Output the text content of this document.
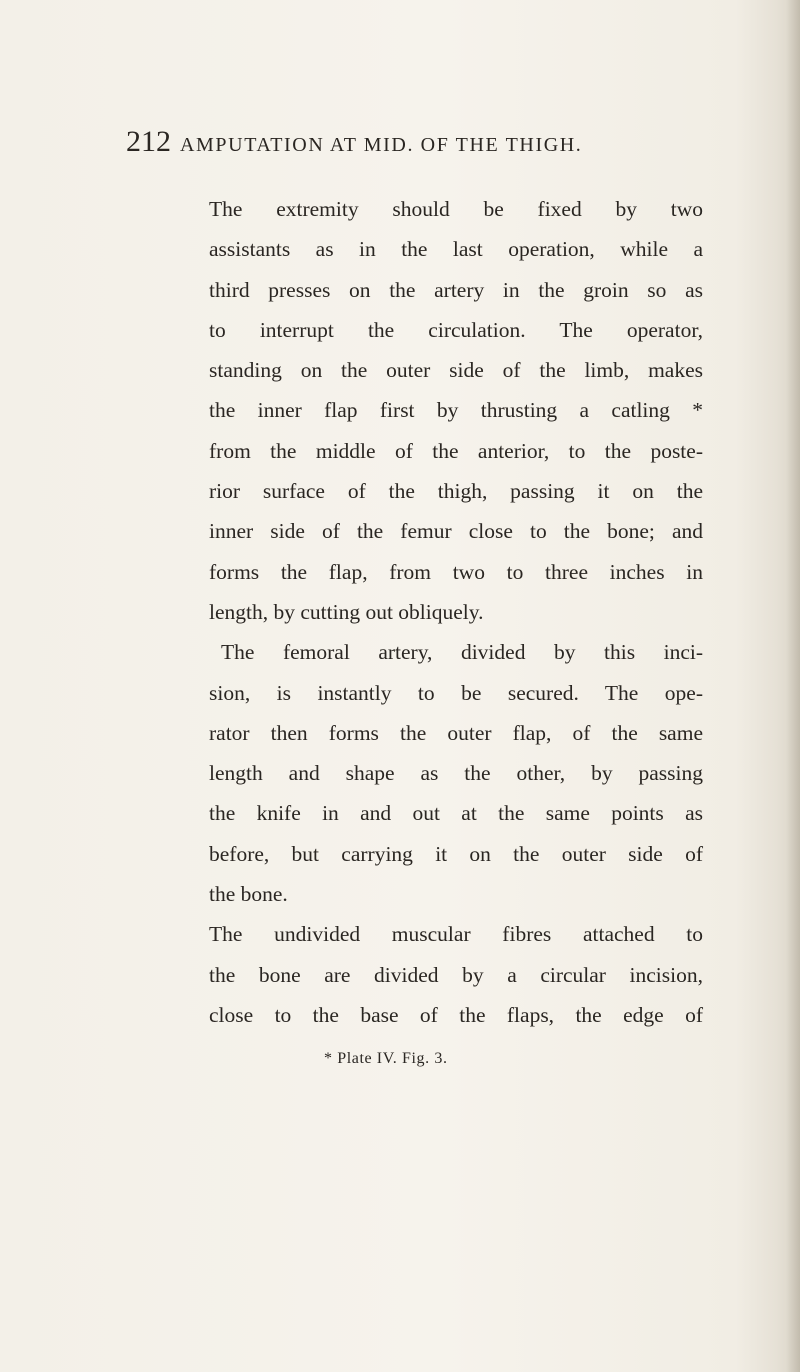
212 AMPUTATION AT MID. OF THE THIGH.
The extremity should be fixed by two
assistants as in the last operation, while a
third presses on the artery in the groin so as
to interrupt the circulation. The operator,
standing on the outer side of the limb, makes
the inner flap first by thrusting a catling *
from the middle of the anterior, to the poste-
rior surface of the thigh, passing it on the
inner side of the femur close to the bone; and
forms the flap, from two to three inches in
length, by cutting out obliquely.
The femoral artery, divided by this inci-
sion, is instantly to be secured. The ope-
rator then forms the outer flap, of the same
length and shape as the other, by passing
the knife in and out at the same points as
before, but carrying it on the outer side of
the bone.
The undivided muscular fibres attached to
the bone are divided by a circular incision,
close to the base of the flaps, the edge of
* Plate IV. Fig. 3.
